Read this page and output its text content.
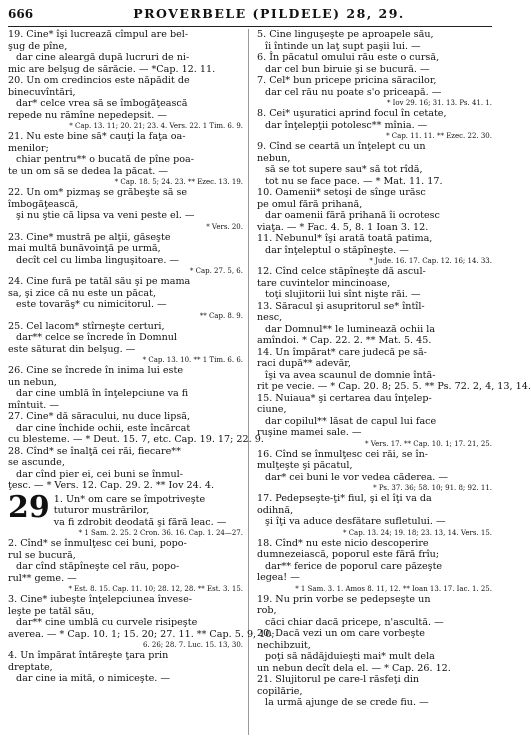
666	PROVERBELE (PILDELE) 28, 29.
19. Cine* îşi lucrează cîmpul are bel-
şug de pîne,
dar cine aleargă după lucruri de ni-
mic are belşug de sărăcie. — *Cap. 12. 11.
20. Un om credincios este năpădit de
binecuvîntări,
dar* celce vrea să se îmbogăţească
repede nu rămîne nepedepsit. —
* Cap. 13. 11; 20. 21; 23. 4. Vers. 22. 1 Tim. 6. 9.
21. Nu este bine să* cauţi la faţa oa-
menilor;
chiar pentru** o bucată de pîne poa-
te un om să se dedea la păcat. —
* Cap. 18. 5; 24. 23. ** Ezec. 13. 19.
22. Un om* pizmaş se grăbeşte să se
îmbogăţească,
şi nu ştie că lipsa va veni peste el. —
* Vers. 20.
23. Cine* mustră pe alţii, găseşte
mai multă bunăvoinţă pe urmă,
decît cel cu limba linguşitoare. —
* Cap. 27. 5, 6.
24. Cine fură pe tatăl său şi pe mama
sa, şi zice că nu este un păcat,
este tovarăş* cu nimicitorul. —
** Cap. 8. 9.
25. Cel lacom* stîrneşte certuri,
dar** celce se încrede în Domnul
este săturat din belşug. —
* Cap. 13. 10. ** 1 Tim. 6. 6.
26. Cine se încrede în inima lui este
un nebun,
dar cine umblă în înţelepciune va fi
mîntuit. —
27. Cine* dă săracului, nu duce lipsă,
dar cine închide ochii, este încărcat
cu blesteme. — * Deut. 15. 7, etc. Cap. 19. 17; 22. 9.
28. Cînd* se înalţă cei răi, fiecare**
se ascunde,
dar cînd pier ei, cei buni se înmul-
ţesc. — * Vers. 12. Cap. 29. 2. ** Iov 24. 4.
29 1. Un* om care se împotriveşte
tuturor mustrărilor,
va fi zdrobit deodată şi fără leac. —
* 1 Sam. 2. 25. 2 Cron. 36. 16. Cap. 1. 24—27.
2. Cînd* se înmulţesc cei buni, popo-
rul se bucură,
dar cînd stăpîneşte cel rău, popo-
rul** geme. —
* Est. 8. 15. Cap. 11. 10; 28. 12, 28. ** Est. 3. 15.
3. Cine* iubeşte înţelepciunea învese-
leşte pe tatăl său,
dar** cine umblă cu curvele risipeşte
averea. — * Cap. 10. 1; 15. 20; 27. 11. ** Cap. 5. 9, 10;
6. 26; 28. 7. Luc. 15. 13, 30.
4. Un împărat întăreşte ţara prin
dreptate,
dar cine ia mită, o nimiceşte. —
5. Cine linguşeşte pe aproapele său,
îi întinde un laţ supt paşii lui. —
6. În păcatul omului rău este o cursă,
dar cel bun biruie şi se bucură. —
7. Cel* bun pricepe pricina săracilor,
dar cel rău nu poate s'o priceapă. —
* Iov 29. 16; 31. 13. Ps. 41. 1.
8. Cei* uşuratici aprind focul în cetate,
dar înţelepţii potolesc** mînia. —
* Cap. 11. 11. ** Ezec. 22. 30.
9. Cînd se ceartă un înţelept cu un
nebun,
să se tot supere sau* să tot rîdă,
tot nu se face pace. — * Mat. 11. 17.
10. Oamenii* setoşi de sînge urăsc
pe omul fără prihană,
dar oamenii fără prihană îi ocrotesc
viaţa. — * Fac. 4. 5, 8. 1 Ioan 3. 12.
11. Nebunul* îşi arată toată patima,
dar înţeleptul o stăpîneşte. —
* Jude. 16. 17. Cap. 12. 16; 14. 33.
12. Cînd celce stăpîneşte dă ascul-
tare cuvintelor mincinoase,
toţi slujitorii lui sînt nişte răi. —
13. Săracul şi asupritorul se* întîl-
nesc,
dar Domnul** le luminează ochii la
amîndoi. * Cap. 22. 2. ** Mat. 5. 45.
14. Un împărat* care judecă pe să-
raci după** adevăr,
îşi va avea scaunul de domnie întă-
rit pe vecie. — * Cap. 20. 8; 25. 5. ** Ps. 72. 2, 4, 13, 14.
15. Nuiaua* şi certarea dau înţelep-
ciune,
dar copilul** lăsat de capul lui face
ruşine mamei sale. —
* Vers. 17. ** Cap. 10. 1; 17. 21, 25.
16. Cînd se înmulţesc cei răi, se în-
mulţeşte şi păcatul,
dar* cei buni le vor vedea căderea. —
* Ps. 37. 36; 58. 10; 91. 8; 92. 11.
17. Pedepseşte-ţi* fiul, şi el îţi va da
odihnă,
şi îţi va aduce desfătare sufletului. —
* Cap. 13. 24; 19. 18; 23. 13, 14. Vers. 15.
18. Cînd* nu este nicio descoperire
dumnezeiască, poporul este fără frîu;
dar** ferice de poporul care păzeşte
legea! —
* 1 Sam. 3. 1. Amos 8. 11, 12. ** Ioan 13. 17. Iac. 1. 25.
19. Nu prin vorbe se pedepseşte un
rob,
căci chiar dacă pricepe, n'ascultă. —
20. Dacă vezi un om care vorbeşte
nechibzuit,
poţi să nădăjduieşti mai* mult dela
un nebun decît dela el. — * Cap. 26. 12.
21. Slujitorul pe care-l răsfeţi din
copilărie,
la urmă ajunge de se crede fiu. —
